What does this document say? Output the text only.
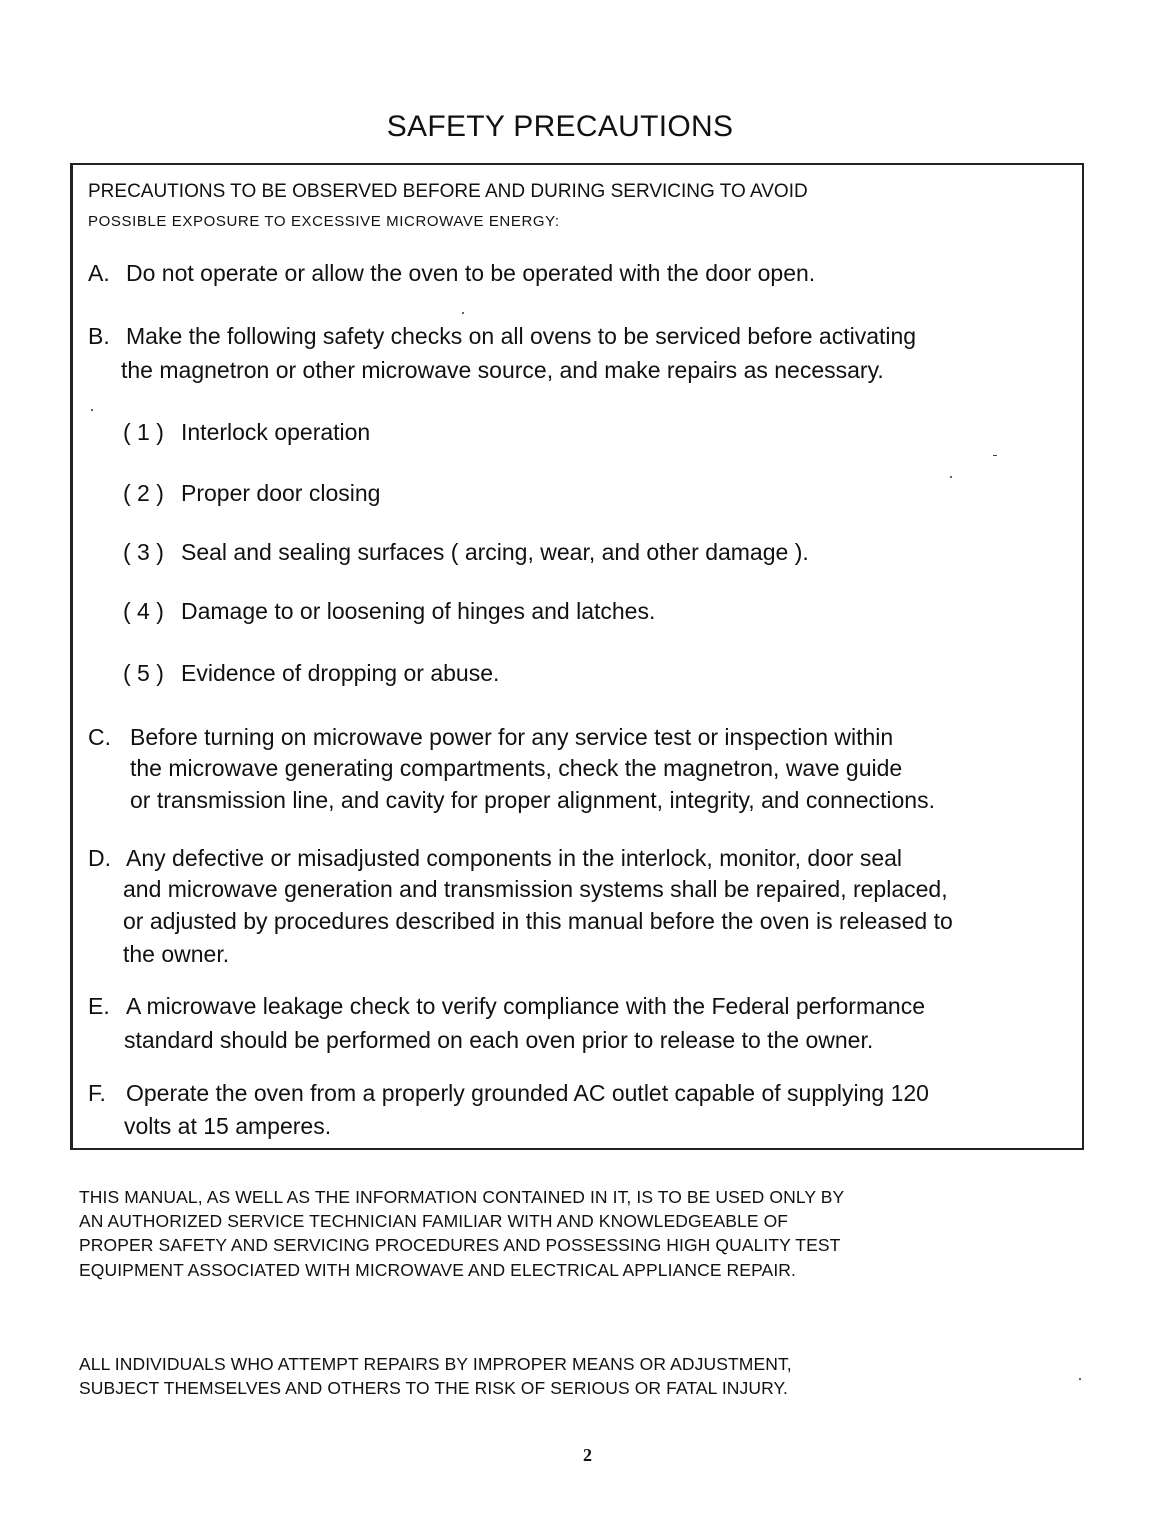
SAFETY PRECAUTIONS
PRECAUTIONS TO BE OBSERVED BEFORE AND DURING SERVICING TO AVOID
POSSIBLE EXPOSURE TO EXCESSIVE MICROWAVE ENERGY:
A. Do not operate or allow the oven to be operated with the door open.
B. Make the following safety checks on all ovens to be serviced before activating
the magnetron or other microwave source, and make repairs as necessary.
( 1 ) Interlock operation
( 2 ) Proper door closing
( 3 ) Seal and sealing surfaces ( arcing, wear, and other damage ).
( 4 ) Damage to or loosening of hinges and latches.
( 5 ) Evidence of dropping or abuse.
C. Before turning on microwave power for any service test or inspection within
the microwave generating compartments, check the magnetron, wave guide
or transmission line, and cavity for proper alignment, integrity, and connections.
D. Any defective or misadjusted components in the interlock, monitor, door seal
and microwave generation and transmission systems shall be repaired, replaced,
or adjusted by procedures described in this manual before the oven is released to
the owner.
E. A microwave leakage check to verify compliance with the Federal performance
standard should be performed on each oven prior to release to the owner.
F. Operate the oven from a properly grounded AC outlet capable of supplying 120
volts at 15 amperes.
THIS MANUAL, AS WELL AS THE INFORMATION CONTAINED IN IT, IS TO BE USED ONLY BY
AN AUTHORIZED SERVICE TECHNICIAN FAMILIAR WITH AND KNOWLEDGEABLE OF
PROPER SAFETY AND SERVICING PROCEDURES AND POSSESSING HIGH QUALITY TEST
EQUIPMENT ASSOCIATED WITH MICROWAVE AND ELECTRICAL APPLIANCE REPAIR.
ALL INDIVIDUALS WHO ATTEMPT REPAIRS BY IMPROPER MEANS OR ADJUSTMENT,
SUBJECT THEMSELVES AND OTHERS TO THE RISK OF SERIOUS OR FATAL INJURY.
2
